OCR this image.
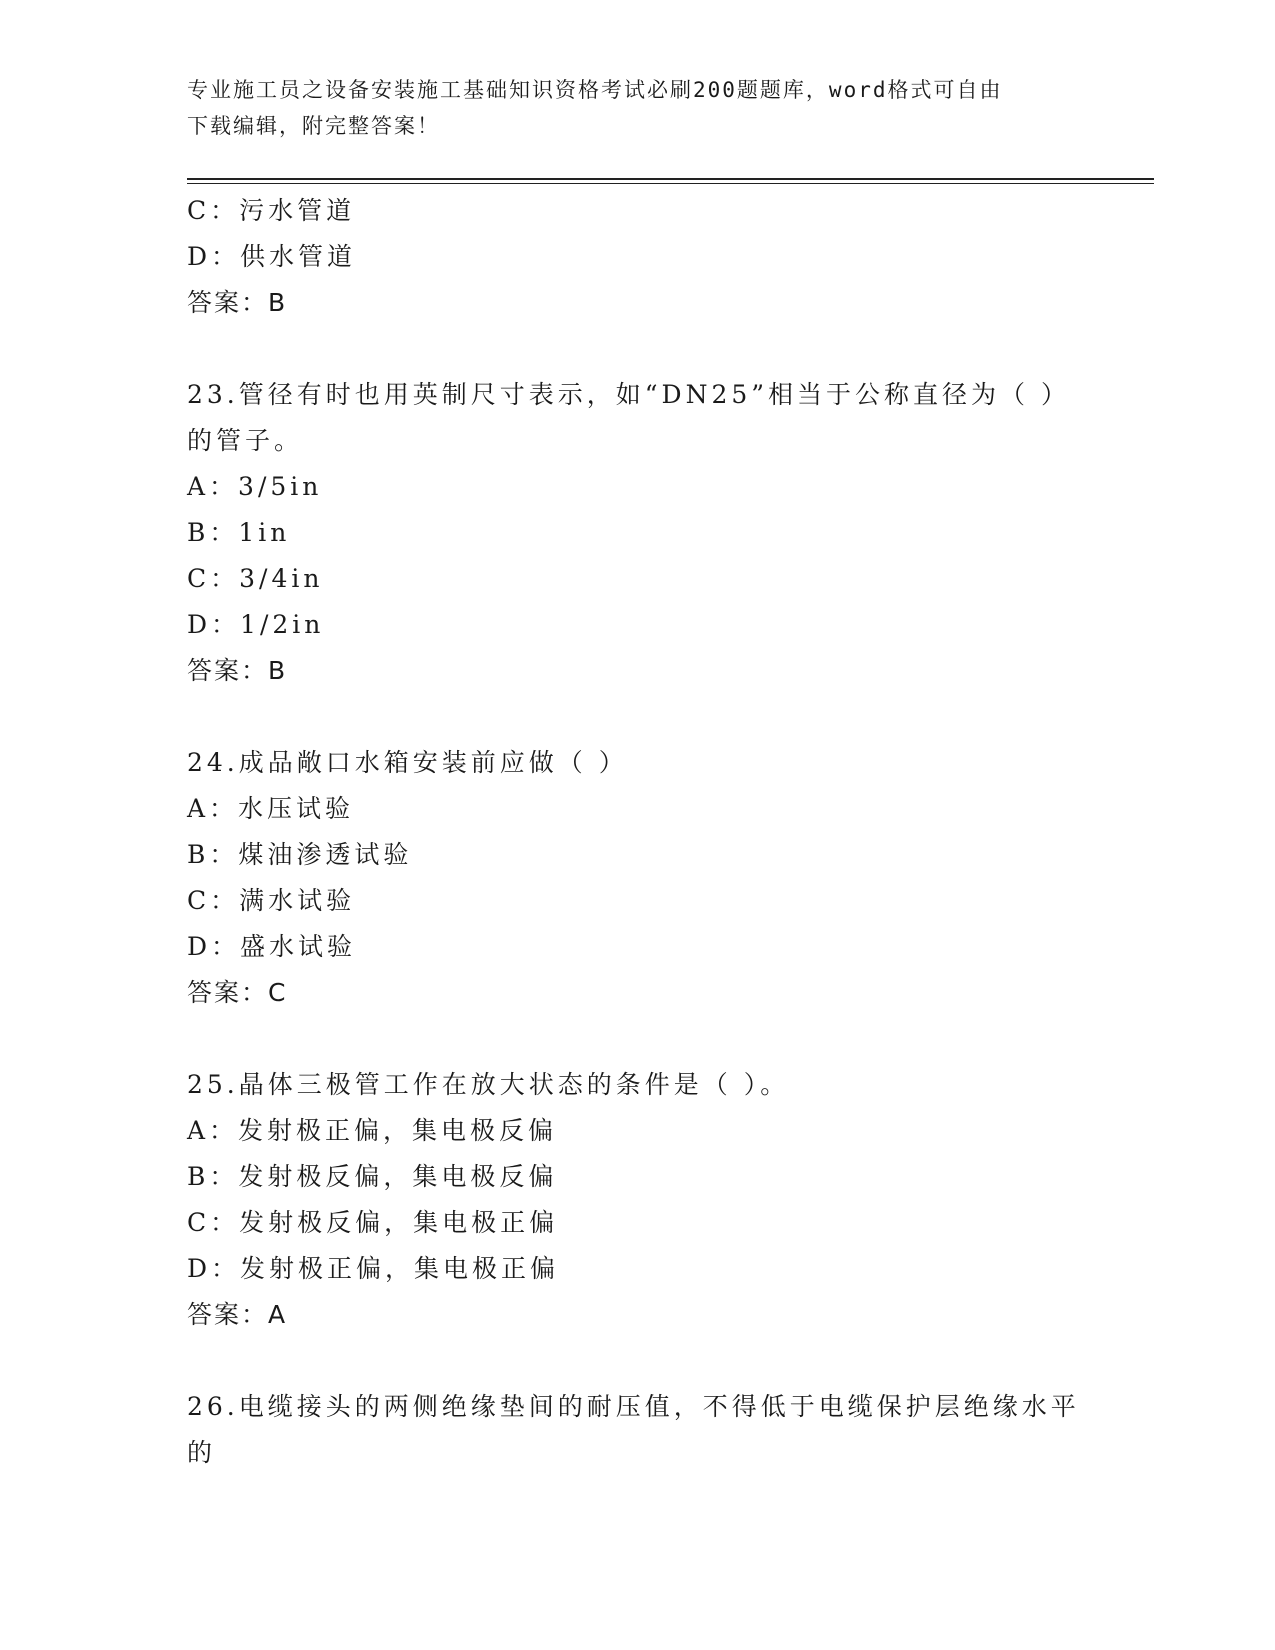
专业施工员之设备安装施工基础知识资格考试必刷200题题库，word格式可自由
下载编辑，附完整答案！
C：污水管道
D：供水管道
答案：B
23.管径有时也用英制尺寸表示，如“DN25”相当于公称直径为（ ）
的管子。
A：3/5in
B：1in
C：3/4in
D：1/2in
答案：B
24.成品敞口水箱安装前应做（ ）
A：水压试验
B：煤油渗透试验
C：满水试验
D：盛水试验
答案：C
25.晶体三极管工作在放大状态的条件是（ ）。
A：发射极正偏，集电极反偏
B：发射极反偏，集电极反偏
C：发射极反偏，集电极正偏
D：发射极正偏，集电极正偏
答案：A
26.电缆接头的两侧绝缘垫间的耐压值，不得低于电缆保护层绝缘水平
的
